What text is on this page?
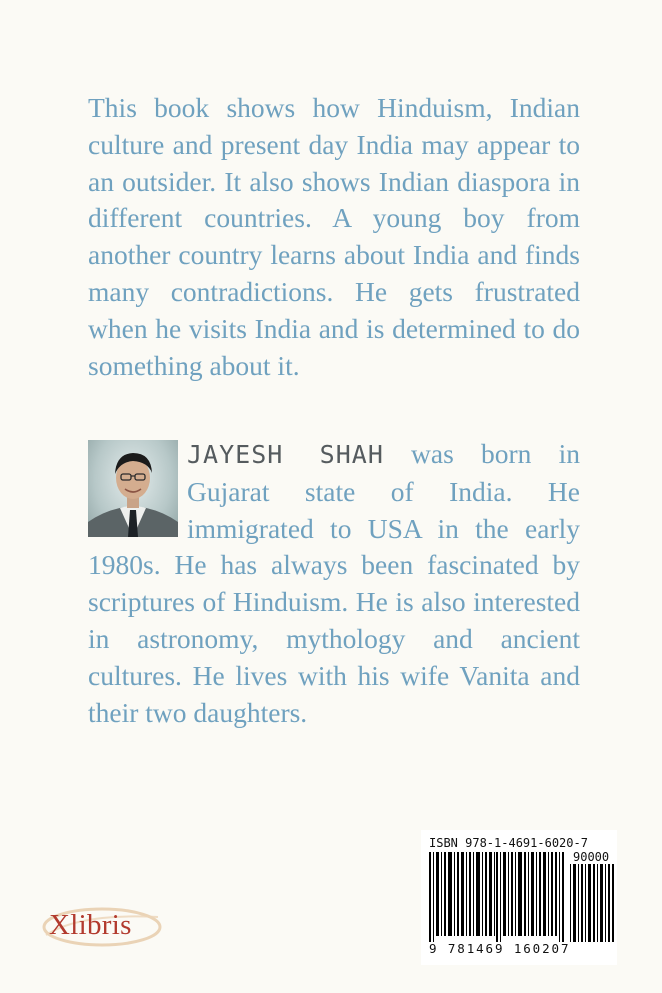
This book shows how Hinduism, Indian culture and present day India may appear to an outsider. It also shows Indian diaspora in different countries. A young boy from another country learns about India and finds many contradictions. He gets frustrated when he visits India and is determined to do something about it.

JAYESH SHAH was born in Gujarat state of India. He immigrated to USA in the early 1980s. He has always been fascinated by scriptures of Hinduism. He is also interested in astronomy, mythology and ancient cultures. He lives with his wife Vanita and their two daughters.

ISBN 978-1-4691-6020-7
90000
9 781469 160207
Xlibris
